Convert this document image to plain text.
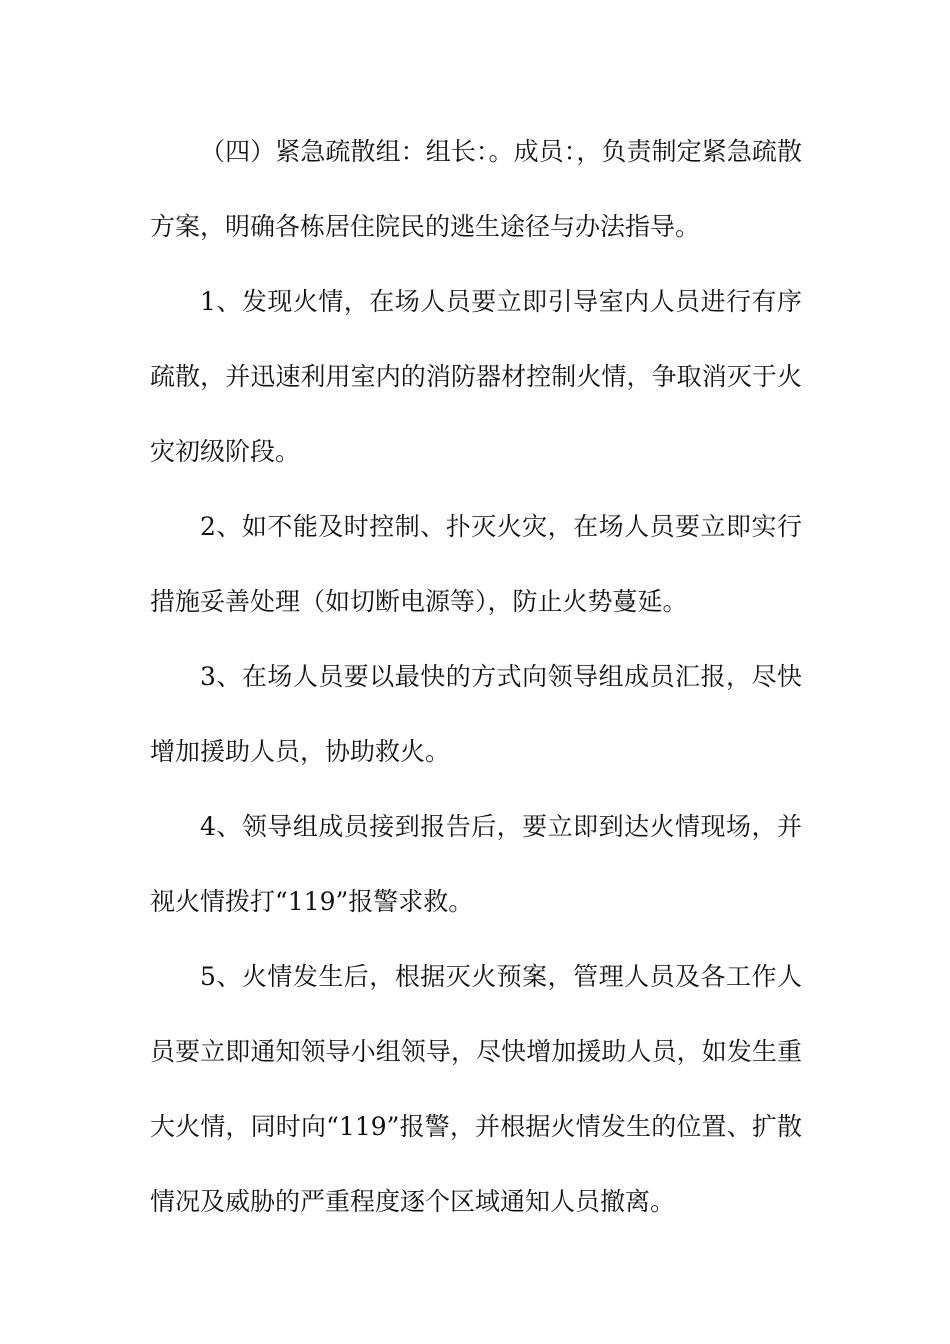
（四）紧急疏散组：组长：。成员：，负责制定紧急疏散方案，明确各栋居住院民的逃生途径与办法指导。

1、发现火情，在场人员要立即引导室内人员进行有序疏散，并迅速利用室内的消防器材控制火情，争取消灭于火灾初级阶段。

2、如不能及时控制、扑灭火灾，在场人员要立即实行措施妥善处理（如切断电源等），防止火势蔓延。

3、在场人员要以最快的方式向领导组成员汇报，尽快增加援助人员，协助救火。

4、领导组成员接到报告后，要立即到达火情现场，并视火情拨打“119”报警求救。

5、火情发生后，根据灭火预案，管理人员及各工作人员要立即通知领导小组领导，尽快增加援助人员，如发生重大火情，同时向“119”报警，并根据火情发生的位置、扩散情况及威胁的严重程度逐个区域通知人员撤离。
